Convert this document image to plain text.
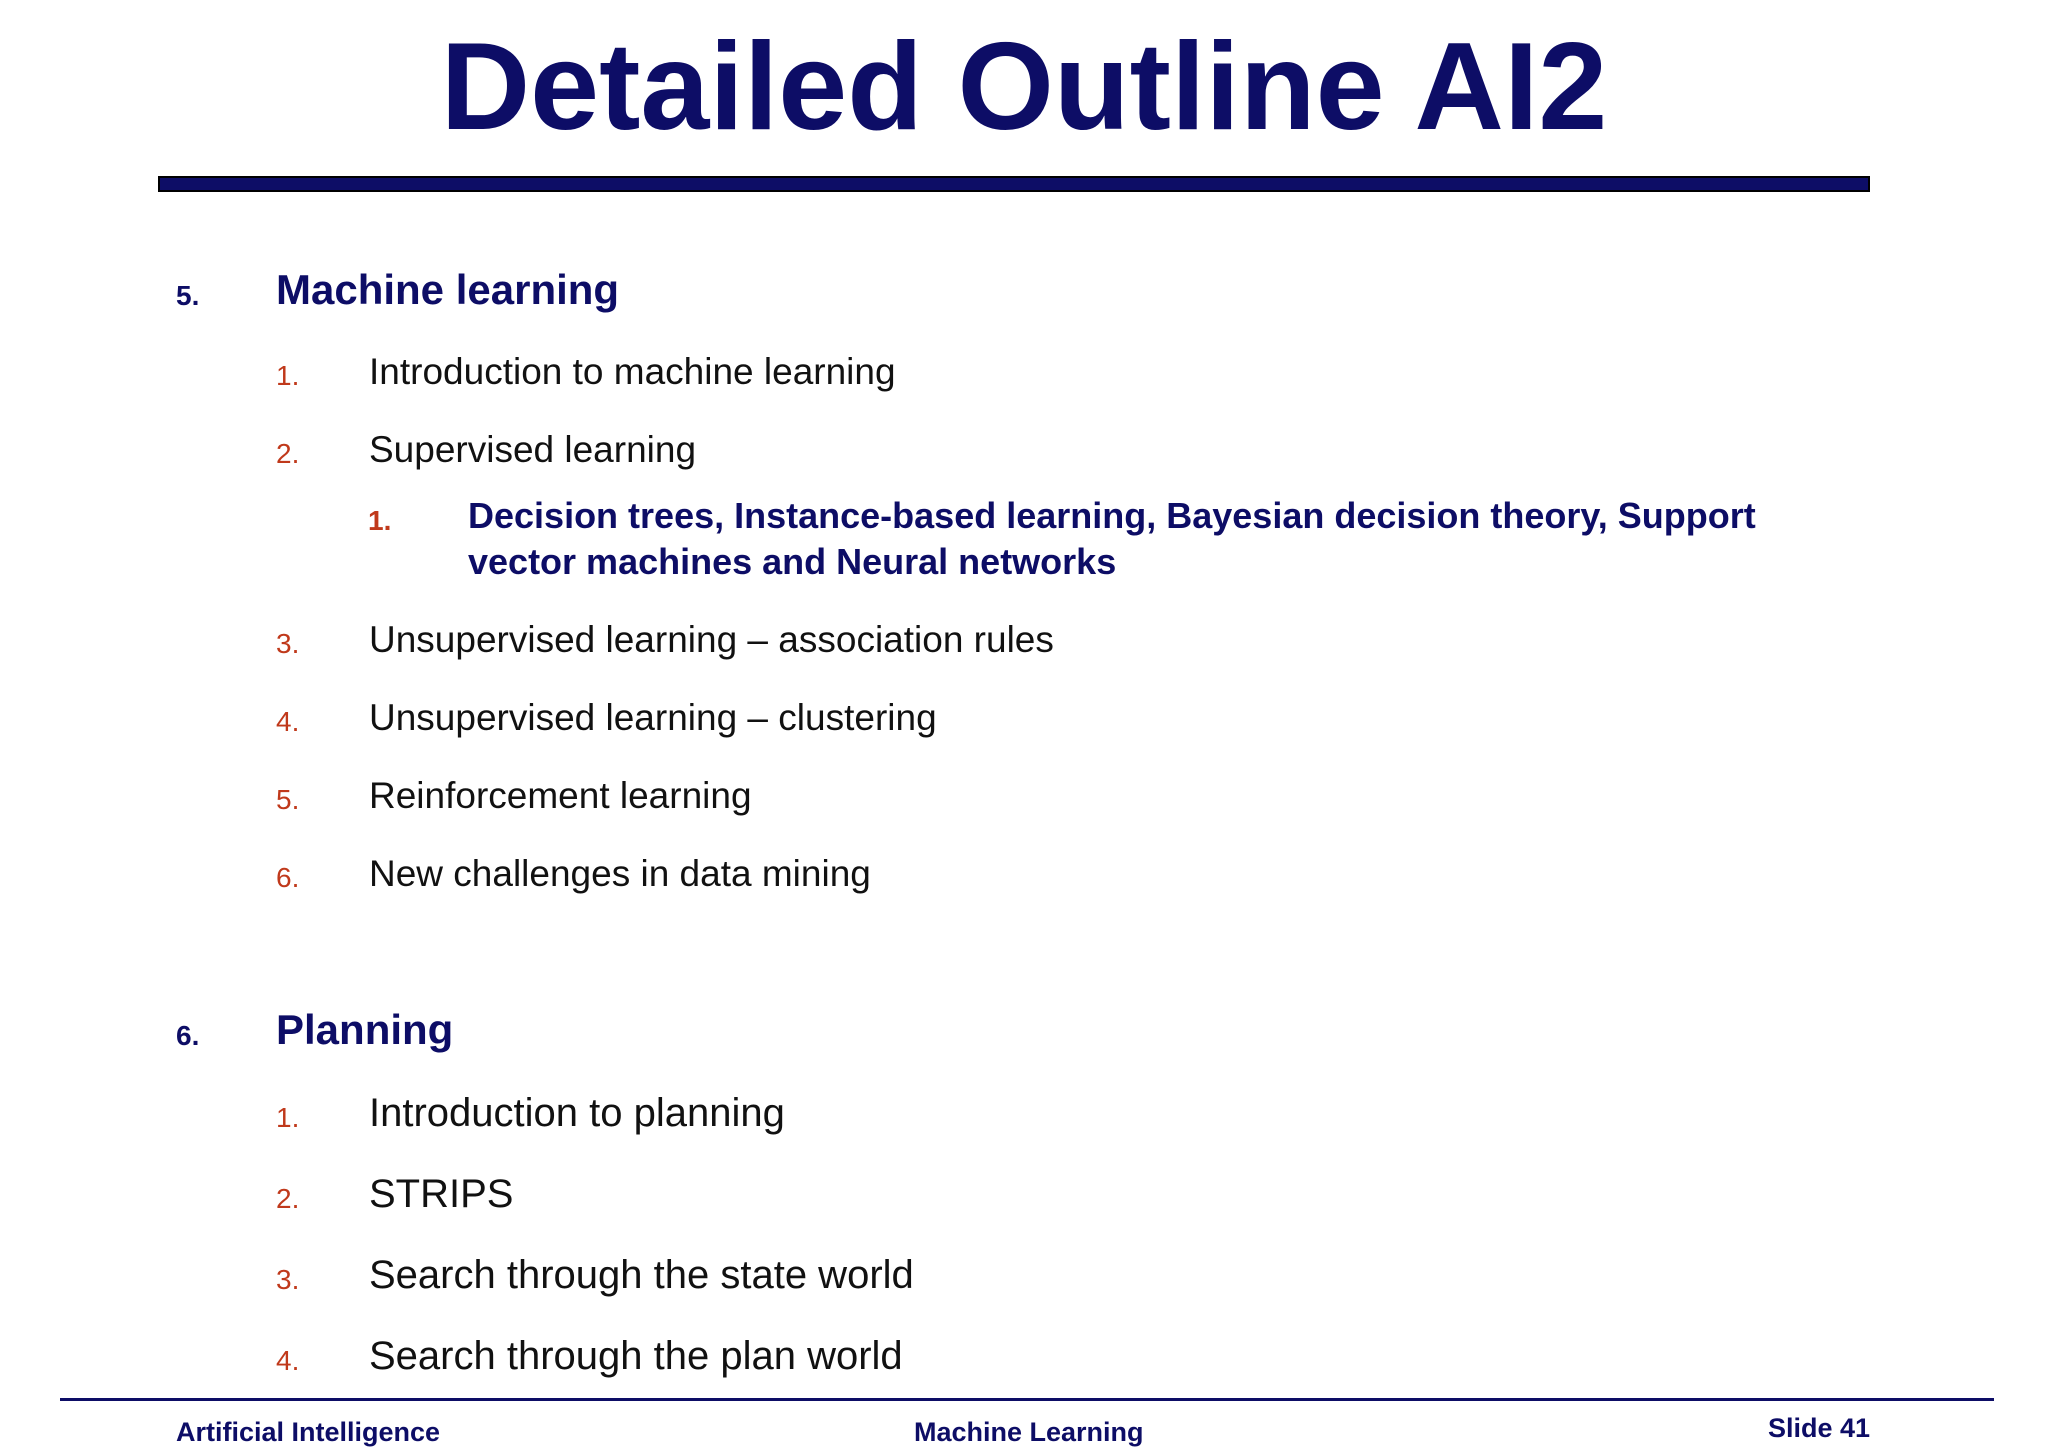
Detailed Outline AI2
5. Machine learning
1. Introduction to machine learning
2. Supervised learning
1. Decision trees, Instance-based learning, Bayesian decision theory, Support
vector machines and Neural networks
3. Unsupervised learning – association rules
4. Unsupervised learning – clustering
5. Reinforcement learning
6. New challenges in data mining
6. Planning
1. Introduction to planning
2. STRIPS
3. Search through the state world
4. Search through the plan world
Artificial Intelligence	Machine Learning	Slide 41
